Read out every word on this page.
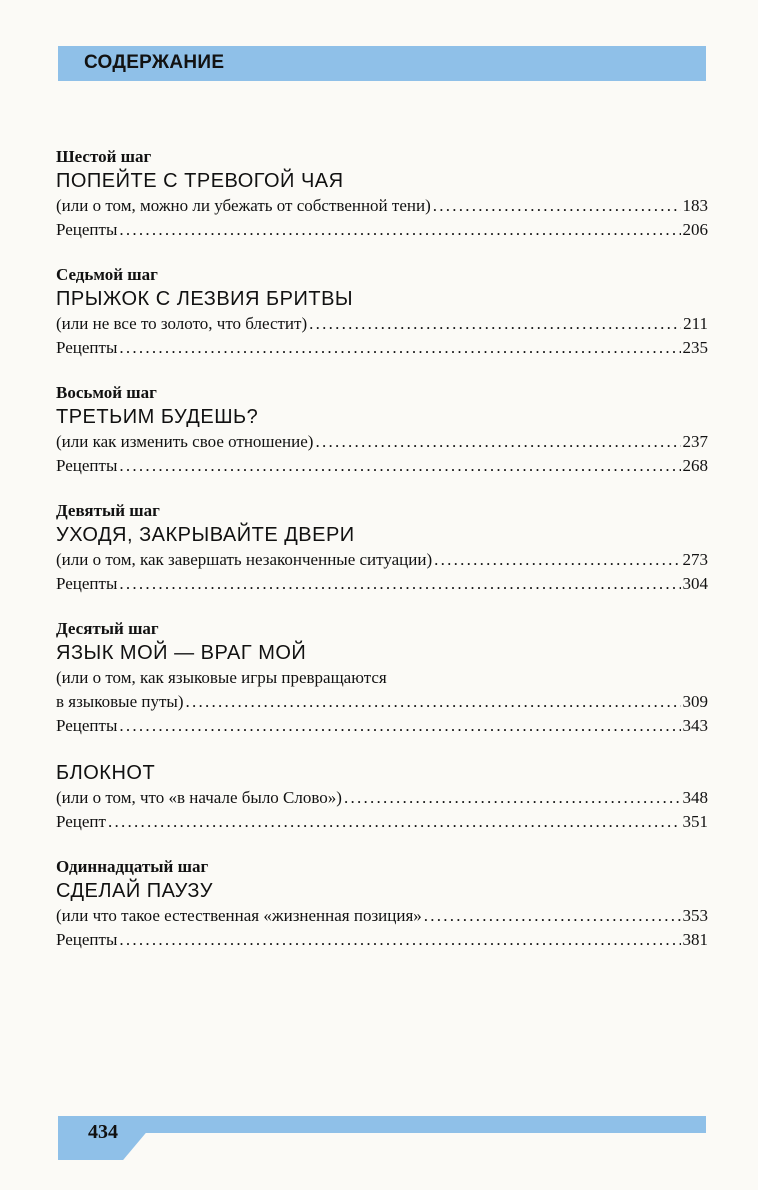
СОДЕРЖАНИЕ
Шестой шаг
ПОПЕЙТЕ С ТРЕВОГОЙ ЧАЯ
(или о том, можно ли убежать от собственной тени) . . .	183
Рецепты . . .	206
Седьмой шаг
ПРЫЖОК С ЛЕЗВИЯ БРИТВЫ
(или не все то золото, что блестит) . . .	211
Рецепты . . .	235
Восьмой шаг
ТРЕТЬИМ БУДЕШЬ?
(или как изменить свое отношение) . . .	237
Рецепты . . .	268
Девятый шаг
УХОДЯ, ЗАКРЫВАЙТЕ ДВЕРИ
(или о том, как завершать незаконченные ситуации) . . .	273
Рецепты . . .	304
Десятый шаг
ЯЗЫК МОЙ — ВРАГ МОЙ
(или о том, как языковые игры превращаются
в языковые путы) . . .	309
Рецепты . . .	343
БЛОКНОТ
(или о том, что «в начале было Слово») . . .	348
Рецепт . . .	351
Одиннадцатый шаг
СДЕЛАЙ ПАУЗУ
(или что такое естественная «жизненная позиция» . . .	353
Рецепты . . .	381
434
